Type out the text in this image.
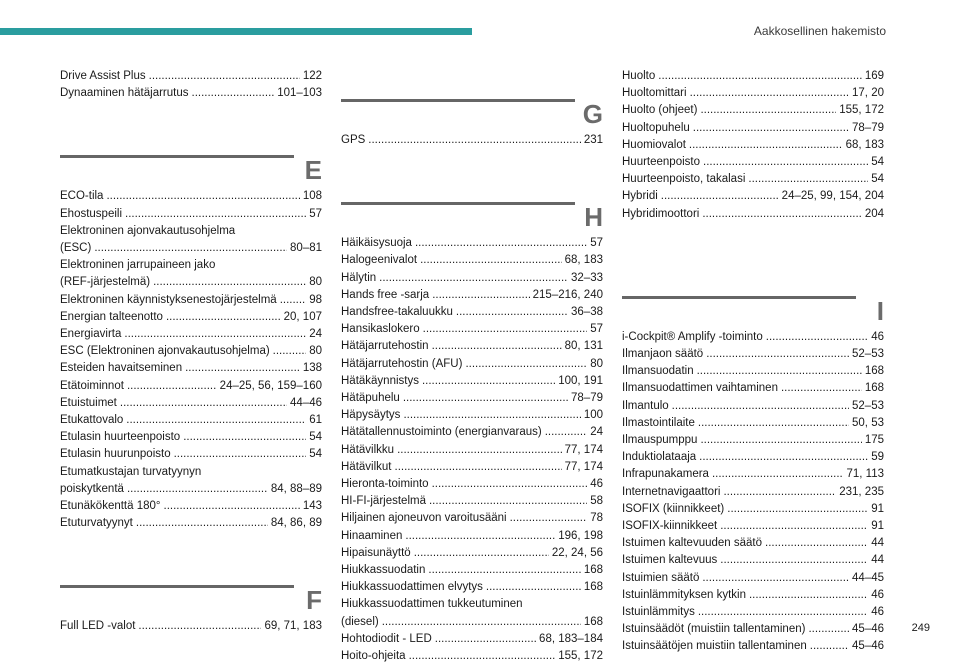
Aakkosellinen hakemisto
Drive Assist Plus . . .	122
Dynaaminen hätäjarrutus . . .	101–103
E
ECO-tila . . .	108
Ehostuspeili . . .	57
Elektroninen ajonvakautusohjelma
(ESC) . . .	80–81
Elektroninen jarrupaineen jako
(REF-järjestelmä) . . .	80
Elektroninen käynnistyksenestojärjestelmä . . .	98
Energian talteenotto . . .	20, 107
Energiavirta . . .	24
ESC (Elektroninen ajonvakautusohjelma) . . .	80
Esteiden havaitseminen . . .	138
Etätoiminnot . . .	24–25, 56, 159–160
Etuistuimet . . .	44–46
Etukattovalo . . .	61
Etulasin huurteenpoisto . . .	54
Etulasin huurunpoisto . . .	54
Etumatkustajan turvatyynyn
poiskytkentä . . .	84, 88–89
Etunäkökenttä 180° . . .	143
Etuturvatyynyt . . .	84, 86, 89
F
Full LED -valot . . .	69, 71, 183
G
GPS . . .	231
H
Häikäisysuoja . . .	57
Halogeenivalot . . .	68, 183
Hälytin . . .	32–33
Hands free -sarja . . .	215–216, 240
Handsfree-takaluukku . . .	36–38
Hansikaslokero . . .	57
Hätäjarrutehostin . . .	80, 131
Hätäjarrutehostin (AFU) . . .	80
Hätäkäynnistys . . .	100, 191
Hätäpuhelu . . .	78–79
Häpysäytys . . .	100
Hätätallennustoiminto (energianvaraus) . . .	24
Hätävilkku . . .	77, 174
Hätävilkut . . .	77, 174
Hieronta-toiminto . . .	46
HI-FI-järjestelmä . . .	58
Hiljainen ajoneuvon varoitusääni . . .	78
Hinaaminen . . .	196, 198
Hipaisunäyttö . . .	22, 24, 56
Hiukkassuodatin . . .	168
Hiukkassuodattimen elvytys . . .	168
Hiukkassuodattimen tukkeutuminen
(diesel) . . .	168
Hohtodiodit - LED . . .	68, 183–184
Hoito-ohjeita . . .	155, 172
Huolto . . .	169
Huoltomittari . . .	17, 20
Huolto (ohjeet) . . .	155, 172
Huoltopuhelu . . .	78–79
Huomiovalot . . .	68, 183
Huurteenpoisto . . .	54
Huurteenpoisto, takalasi . . .	54
Hybridi . . .	24–25, 99, 154, 204
Hybridimoottori . . .	204
I
i-Cockpit® Amplify -toiminto . . .	46
Ilmanjaon säätö . . .	52–53
Ilmansuodatin . . .	168
Ilmansuodattimen vaihtaminen . . .	168
Ilmantulo . . .	52–53
Ilmastointilaite . . .	50, 53
Ilmauspumppu . . .	175
Induktiolataaja . . .	59
Infrapunakamera . . .	71, 113
Internetnavigaattori . . .	231, 235
ISOFIX (kiinnikkeet) . . .	91
ISOFIX-kiinnikkeet . . .	91
Istuimen kaltevuuden säätö . . .	44
Istuimen kaltevuus . . .	44
Istuimien säätö . . .	44–45
Istuinlämmityksen kytkin . . .	46
Istuinlämmitys . . .	46
Istuinsäädöt (muistiin tallentaminen) . . .	45–46
Istuinsäätöjen muistiin tallentaminen . . .	45–46
249
